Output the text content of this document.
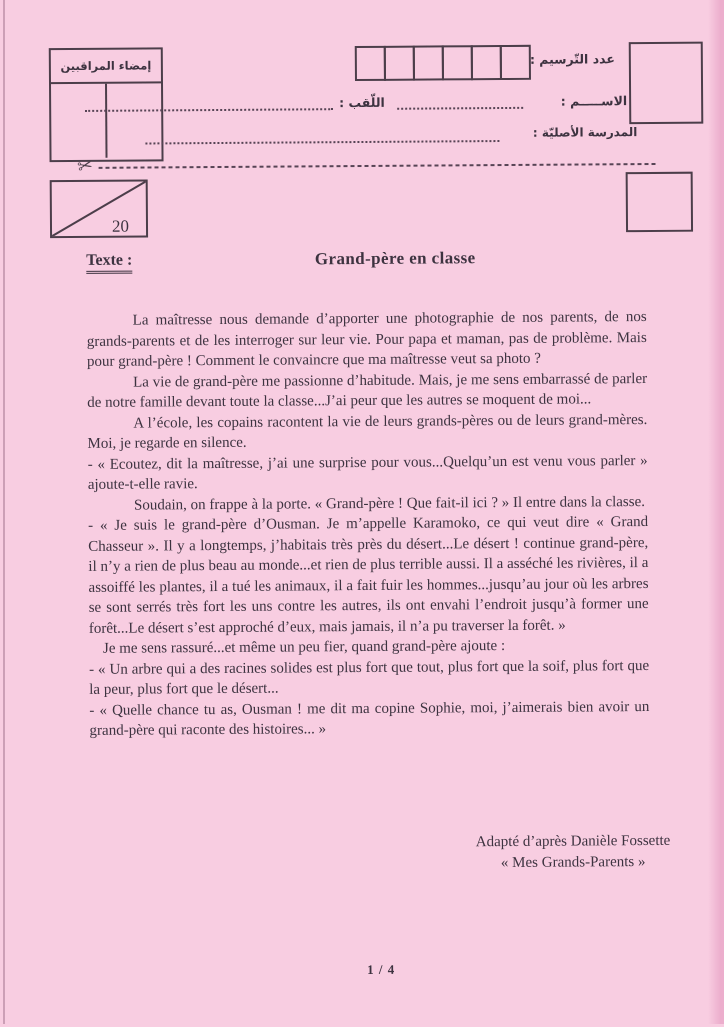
إمضاء المراقبين	عدد التّرسيم :
اللّقب :	الاســـــم :
المدرسة الأصليّة :
✂
20
Texte :	Grand-père en classe

La maîtresse nous demande d’apporter une photographie de nos parents, de nos grands-parents et de les interroger sur leur vie. Pour papa et maman, pas de problème. Mais pour grand-père ! Comment le convaincre que ma maîtresse veut sa photo ?

La vie de grand-père me passionne d’habitude. Mais, je me sens embarrassé de parler de notre famille devant toute la classe...J’ai peur que les autres se moquent de moi...

A l’école, les copains racontent la vie de leurs grands-pères ou de leurs grand-mères. Moi, je regarde en silence.

- « Ecoutez, dit la maîtresse, j’ai une surprise pour vous...Quelqu’un est venu vous parler » ajoute-t-elle ravie.

Soudain, on frappe à la porte. « Grand-père ! Que fait-il ici ? » Il entre dans la classe.

- « Je suis le grand-père d’Ousman. Je m’appelle Karamoko, ce qui veut dire « Grand Chasseur ». Il y a longtemps, j’habitais très près du désert...Le désert ! continue grand-père, il n’y a rien de plus beau au monde...et rien de plus terrible aussi. Il a asséché les rivières, il a assoiffé les plantes, il a tué les animaux, il a fait fuir les hommes...jusqu’au jour où les arbres se sont serrés très fort les uns contre les autres, ils ont envahi l’endroit jusqu’à former une forêt...Le désert s’est approché d’eux, mais jamais, il n’a pu traverser la forêt. »

Je me sens rassuré...et même un peu fier, quand grand-père ajoute :

- « Un arbre qui a des racines solides est plus fort que tout, plus fort que la soif, plus fort que la peur, plus fort que le désert...

- « Quelle chance tu as, Ousman ! me dit ma copine Sophie, moi, j’aimerais bien avoir un grand-père qui raconte des histoires... »

Adapté d’après Danièle Fossette
« Mes Grands-Parents »
1 / 4
